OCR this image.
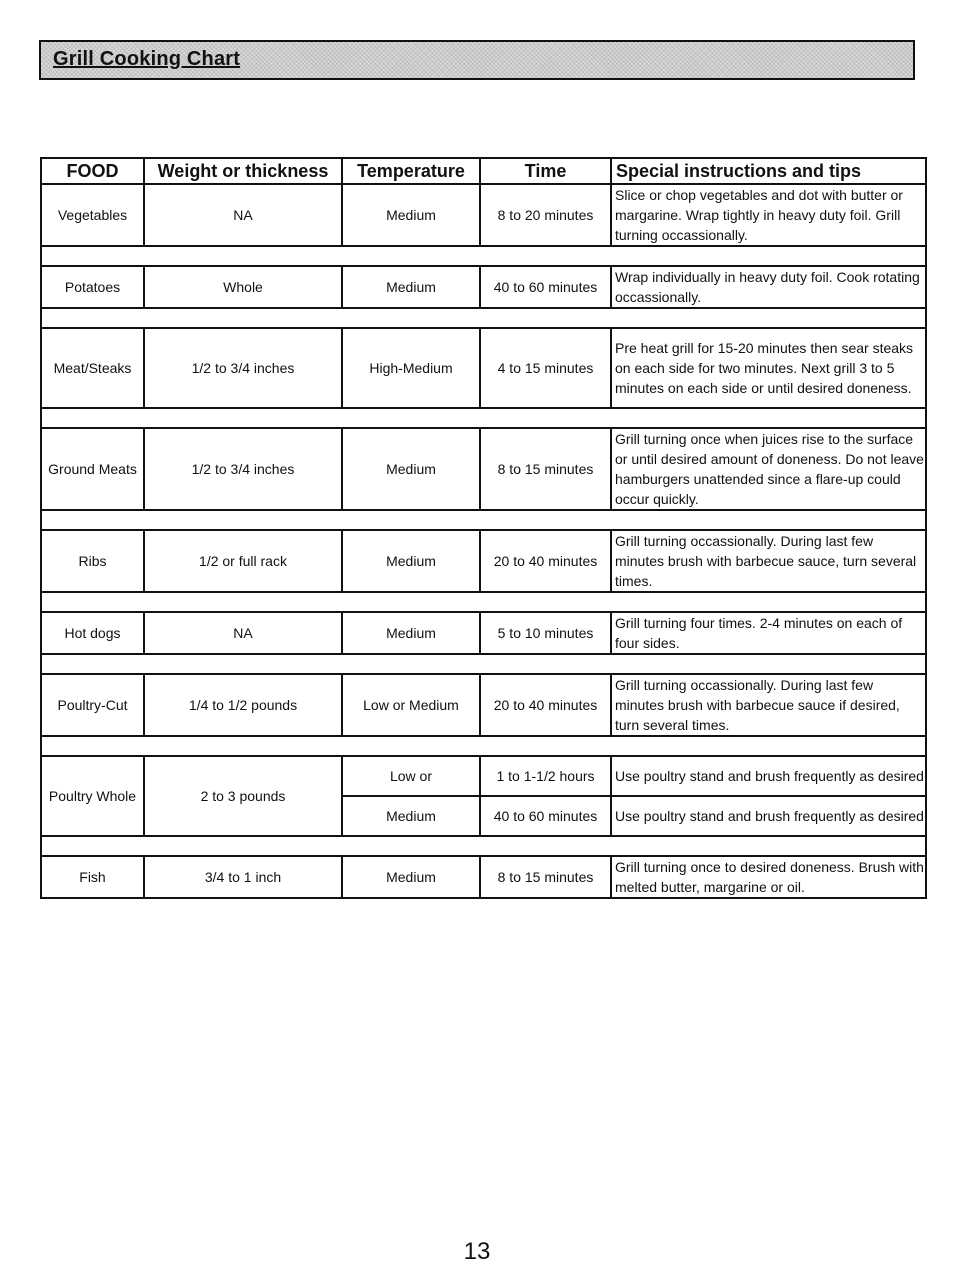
Grill Cooking Chart
FOOD	Weight or thickness	Temperature	Time	Special instructions and tips
Vegetables	NA	Medium	8 to 20 minutes	Slice or chop vegetables and dot with butter or margarine. Wrap tightly in heavy duty foil. Grill turning occassionally.

Potatoes	Whole	Medium	40 to 60 minutes	Wrap individually in heavy duty foil. Cook rotating occassionally.

Meat/Steaks	1/2 to 3/4 inches	High-Medium	4 to 15 minutes	Pre heat grill for 15-20 minutes then sear steaks on each side for two minutes. Next grill 3 to 5 minutes on each side or until desired doneness.

Ground Meats	1/2 to 3/4 inches	Medium	8 to 15 minutes	Grill turning once when juices rise to the surface or until desired amount of doneness. Do not leave hamburgers unattended since a flare-up could occur quickly.

Ribs	1/2 or full rack	Medium	20 to 40 minutes	Grill turning occassionally. During last few minutes brush with barbecue sauce, turn several times.

Hot dogs	NA	Medium	5 to 10 minutes	Grill turning four times. 2-4 minutes on each of four sides.

Poultry-Cut	1/4 to 1/2 pounds	Low or Medium	20 to 40 minutes	Grill turning occassionally. During last few minutes brush with barbecue sauce if desired, turn several times.

Poultry Whole	2 to 3 pounds	Low or	1 to 1-1/2 hours	Use poultry stand and brush frequently as desired
		Medium	40 to 60 minutes	Use poultry stand and brush frequently as desired

Fish	3/4 to 1 inch	Medium	8 to 15 minutes	Grill turning once to desired doneness. Brush with melted butter, margarine or oil.
13
